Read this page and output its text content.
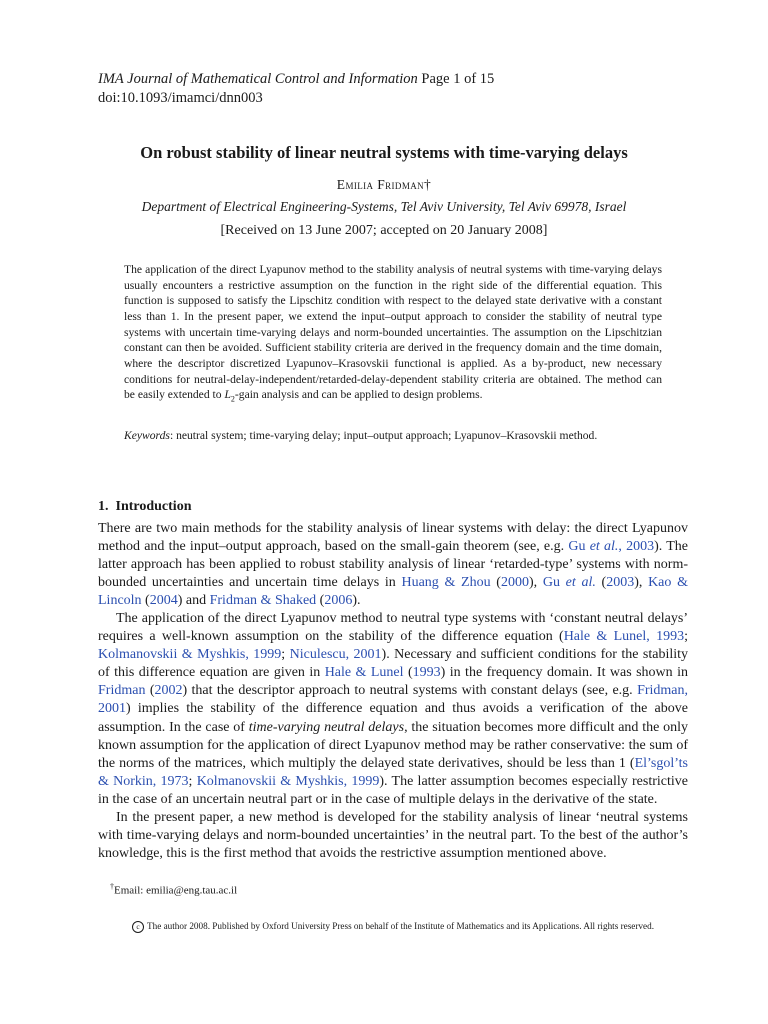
IMA Journal of Mathematical Control and Information Page 1 of 15
doi:10.1093/imamci/dnn003
On robust stability of linear neutral systems with time-varying delays
Emilia Fridman†
Department of Electrical Engineering-Systems, Tel Aviv University, Tel Aviv 69978, Israel
[Received on 13 June 2007; accepted on 20 January 2008]

The application of the direct Lyapunov method to the stability analysis of neutral systems with time-varying delays usually encounters a restrictive assumption on the function in the right side of the differential equation. This function is supposed to satisfy the Lipschitz condition with respect to the delayed state derivative with a constant less than 1. In the present paper, we extend the input–output approach to consider the stability of neutral type systems with uncertain time-varying delays and norm-bounded uncertainties. The assumption on the Lipschitzian constant can then be avoided. Sufficient stability criteria are derived in the frequency domain and the time domain, where the descriptor discretized Lyapunov–Krasovskii functional is applied. As a by-product, new necessary conditions for neutral-delay-independent/retarded-delay-dependent stability criteria are obtained. The method can be easily extended to $L_2$-gain analysis and can be applied to design problems.

Keywords: neutral system; time-varying delay; input–output approach; Lyapunov–Krasovskii method.

1. Introduction

There are two main methods for the stability analysis of linear systems with delay: the direct Lyapunov method and the input–output approach, based on the small-gain theorem (see, e.g. Gu et al., 2003). The latter approach has been applied to robust stability analysis of linear ‘retarded-type’ systems with norm-bounded uncertainties and uncertain time delays in Huang & Zhou (2000), Gu et al. (2003), Kao & Lincoln (2004) and Fridman & Shaked (2006).

The application of the direct Lyapunov method to neutral type systems with ‘constant neutral delays’ requires a well-known assumption on the stability of the difference equation (Hale & Lunel, 1993; Kolmanovskii & Myshkis, 1999; Niculescu, 2001). Necessary and sufficient conditions for the stability of this difference equation are given in Hale & Lunel (1993) in the frequency domain. It was shown in Fridman (2002) that the descriptor approach to neutral systems with constant delays (see, e.g. Fridman, 2001) implies the stability of the difference equation and thus avoids a verification of the above assumption. In the case of time-varying neutral delays, the situation becomes more difficult and the only known assumption for the application of direct Lyapunov method may be rather conservative: the sum of the norms of the matrices, which multiply the delayed state derivatives, should be less than 1 (El’sgol’ts & Norkin, 1973; Kolmanovskii & Myshkis, 1999). The latter assumption becomes especially restrictive in the case of an uncertain neutral part or in the case of multiple delays in the derivative of the state.

In the present paper, a new method is developed for the stability analysis of linear ‘neutral systems with time-varying delays and norm-bounded uncertainties’ in the neutral part. To the best of the author’s knowledge, this is the first method that avoids the restrictive assumption mentioned above.

†Email: emilia@eng.tau.ac.il
c The author 2008. Published by Oxford University Press on behalf of the Institute of Mathematics and its Applications. All rights reserved.
